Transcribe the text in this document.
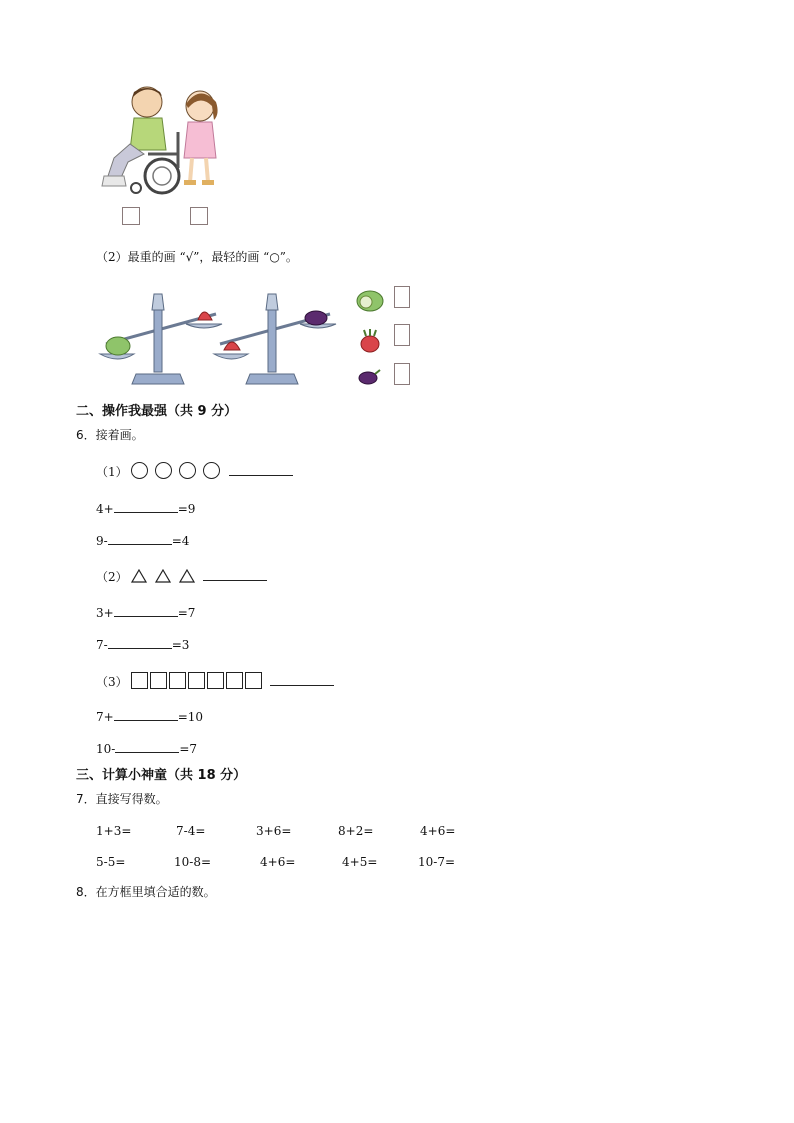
（2）最重的画 “√”，最轻的画 “○”。
二、操作我最强（共 9 分）
6．接着画。
（1）
4+	=9
9-	=4
（2）
3+	=7
7-	=3
（3）
7+	=10
10-	=7
三、计算小神童（共 18 分）
7．直接写得数。
1+3=	7-4=	3+6=	8+2=	4+6=
5-5=	10-8=	4+6=	4+5=	10-7=
8．在方框里填合适的数。
